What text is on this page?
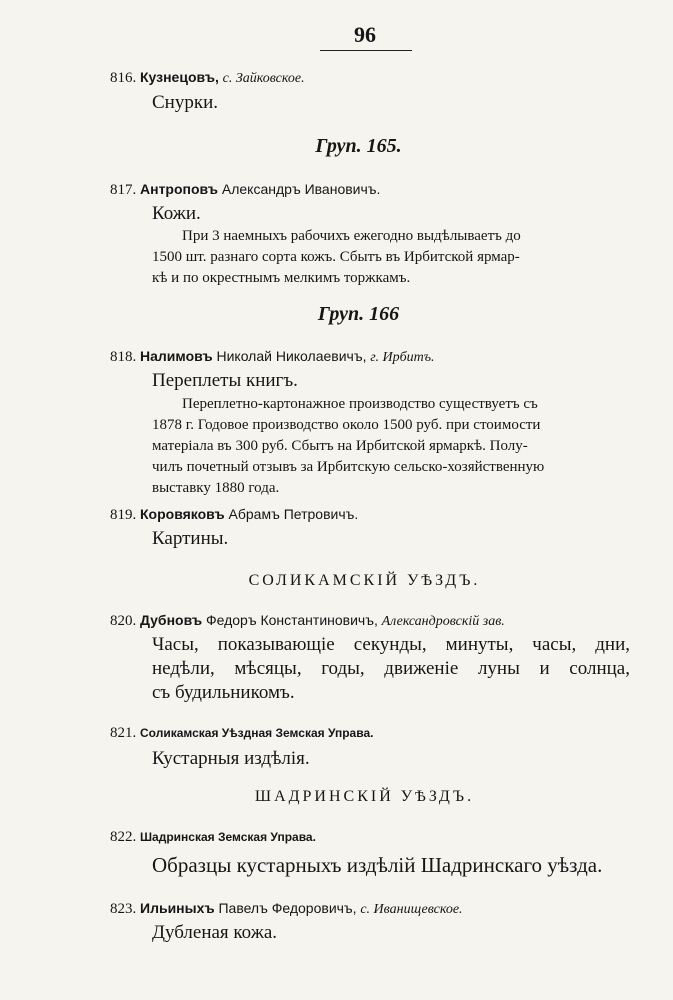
96
816. Кузнецовъ, с. Зайковское.
Снурки.
Груп. 165.
817. Антроповъ Александръ Ивановичъ.
Кожи.
При 3 наемныхъ рабочихъ ежегодно выдѣлываетъ до
1500 шт. разнаго сорта кожъ. Сбытъ въ Ирбитской ярмар-
кѣ и по окрестнымъ мелкимъ торжкамъ.
Груп. 166
818. Налимовъ Николай Николаевичъ, г. Ирбитъ.
Переплеты книгъ.
Переплетно-картонажное производство существуетъ съ
1878 г. Годовое производство около 1500 руб. при стоимости
матеріала въ 300 руб. Сбытъ на Ирбитской ярмаркѣ. Полу-
чилъ почетный отзывъ за Ирбитскую сельско-хозяйственную
выставку 1880 года.
819. Коровяковъ Абрамъ Петровичъ.
Картины.
СОЛИКАМСКІЙ УѢЗДЪ.
820. Дубновъ Федоръ Константиновичъ, Александровскій зав.
Часы, показывающіе секунды, минуты, часы, дни,
недѣли, мѣсяцы, годы, движеніе луны и солнца,
съ будильникомъ.
821. Соликамская Уѣздная Земская Управа.
Кустарныя издѣлія.
ШАДРИНСКІЙ УѢЗДЪ.
822. Шадринская Земская Управа.
Образцы кустарныхъ издѣлій Шадринскаго уѣзда.
823. Ильиныхъ Павелъ Федоровичъ, с. Иванищевское.
Дубленая кожа.
